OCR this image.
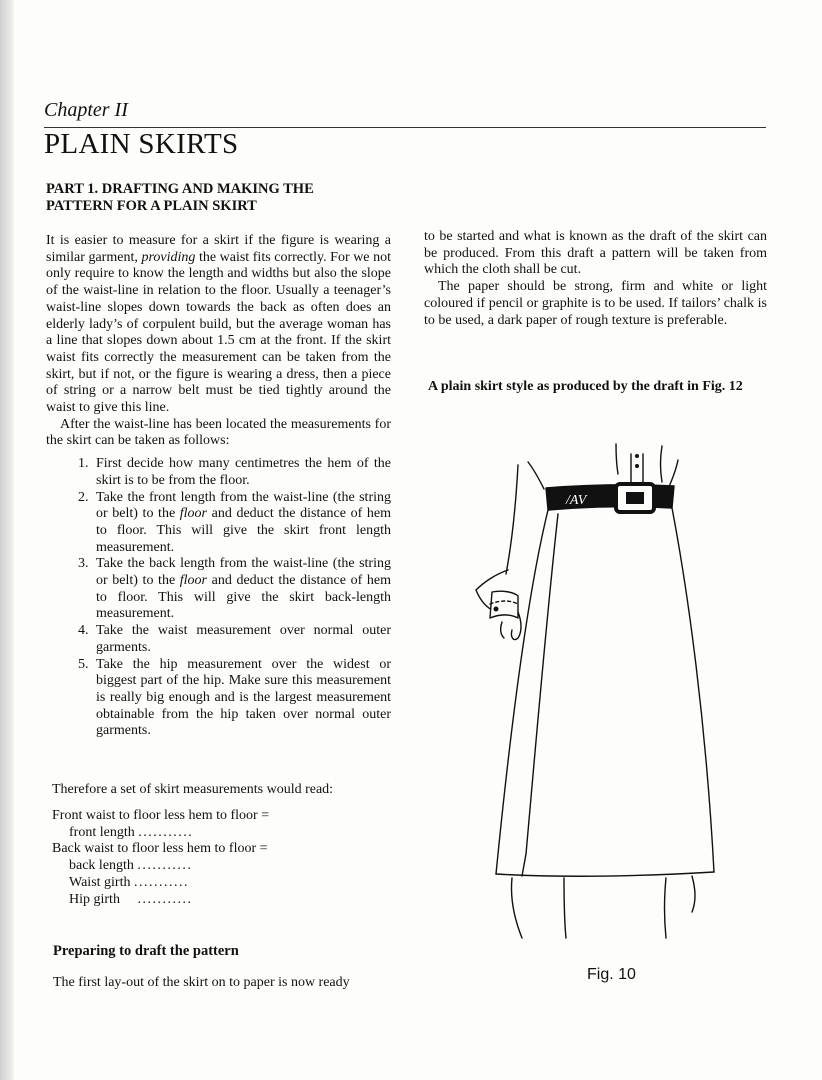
Chapter II
PLAIN SKIRTS
PART 1. DRAFTING AND MAKING THE
PATTERN FOR A PLAIN SKIRT

It is easier to measure for a skirt if the figure is wearing a similar garment, providing the waist fits correctly. For we not only require to know the length and widths but also the slope of the waist-line in relation to the floor. Usually a teenager’s waist-line slopes down towards the back as often does an elderly lady’s of corpulent build, but the average woman has a line that slopes down about 1.5 cm at the front. If the skirt waist fits correctly the measurement can be taken from the skirt, but if not, or the figure is wearing a dress, then a piece of string or a narrow belt must be tied tightly around the waist to give this line.

After the waist-line has been located the measurements for the skirt can be taken as follows:

1. First decide how many centimetres the hem of the skirt is to be from the floor.
2. Take the front length from the waist-line (the string or belt) to the floor and deduct the distance of hem to floor. This will give the skirt front length measurement.
3. Take the back length from the waist-line (the string or belt) to the floor and deduct the distance of hem to floor. This will give the skirt back-length measurement.
4. Take the waist measurement over normal outer garments.
5. Take the hip measurement over the widest or biggest part of the hip. Make sure this measurement is really big enough and is the largest measurement obtainable from the hip taken over normal outer garments.
Therefore a set of skirt measurements would read:
Front waist to floor less hem to floor =
front length ...........
Back waist to floor less hem to floor =
back length ...........
Waist girth ...........
Hip girth ...........
Preparing to draft the pattern
The first lay-out of the skirt on to paper is now ready

to be started and what is known as the draft of the skirt can be produced. From this draft a pattern will be taken from which the cloth shall be cut.

The paper should be strong, firm and white or light coloured if pencil or graphite is to be used. If tailors’ chalk is to be used, a dark paper of rough texture is preferable.

A plain skirt style as produced by the draft in Fig. 12
/AV
Fig. 10
